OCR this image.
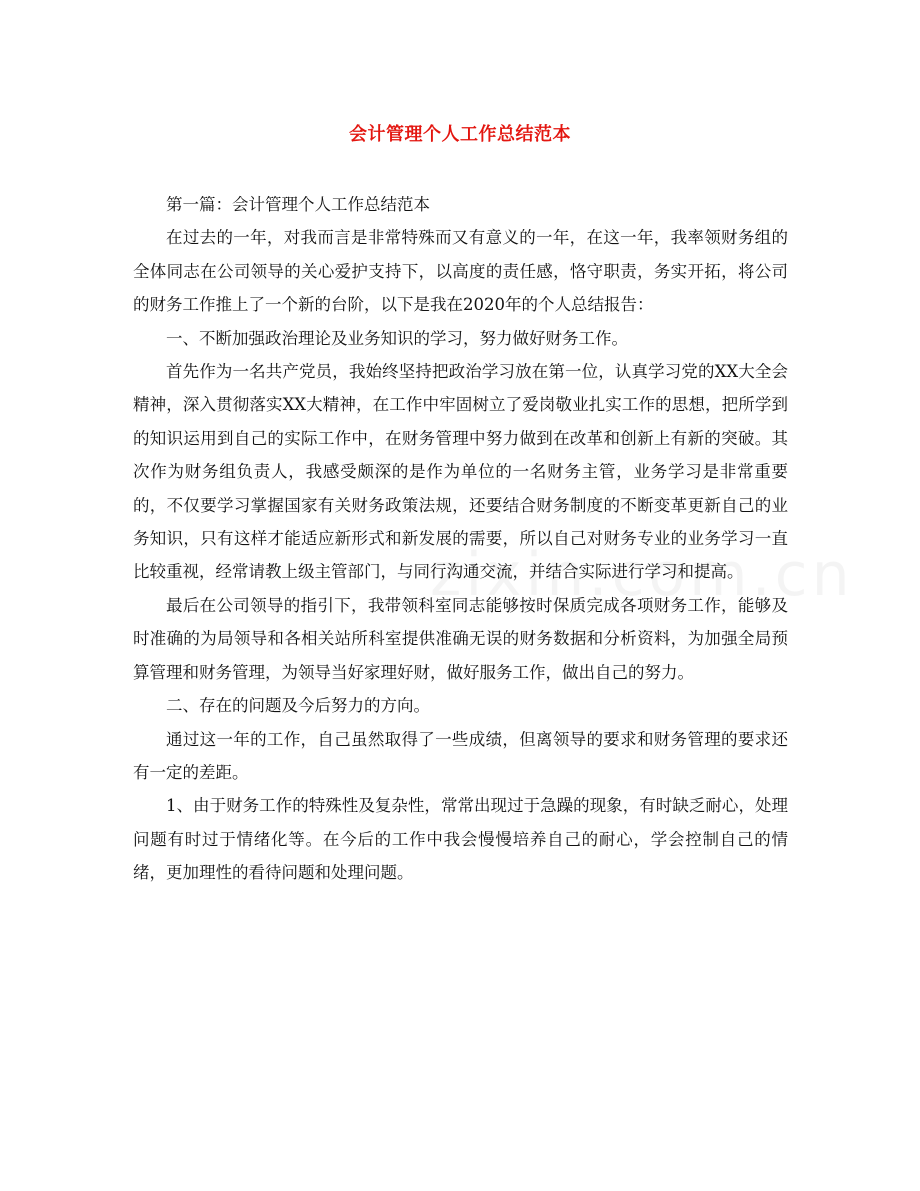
会计管理个人工作总结范本

第一篇：会计管理个人工作总结范本

在过去的一年，对我而言是非常特殊而又有意义的一年，在这一年，我率领财务组的全体同志在公司领导的关心爱护支持下，以高度的责任感，恪守职责，务实开拓，将公司的财务工作推上了一个新的台阶，以下是我在2020年的个人总结报告：

一、不断加强政治理论及业务知识的学习，努力做好财务工作。

首先作为一名共产党员，我始终坚持把政治学习放在第一位，认真学习党的XX大全会精神，深入贯彻落实XX大精神，在工作中牢固树立了爱岗敬业扎实工作的思想，把所学到的知识运用到自己的实际工作中，在财务管理中努力做到在改革和创新上有新的突破。其次作为财务组负责人，我感受颇深的是作为单位的一名财务主管，业务学习是非常重要的，不仅要学习掌握国家有关财务政策法规，还要结合财务制度的不断变革更新自己的业务知识，只有这样才能适应新形式和新发展的需要，所以自己对财务专业的业务学习一直比较重视，经常请教上级主管部门，与同行沟通交流，并结合实际进行学习和提高。

最后在公司领导的指引下，我带领科室同志能够按时保质完成各项财务工作，能够及时准确的为局领导和各相关站所科室提供准确无误的财务数据和分析资料，为加强全局预算管理和财务管理，为领导当好家理好财，做好服务工作，做出自己的努力。

二、存在的问题及今后努力的方向。

通过这一年的工作，自己虽然取得了一些成绩，但离领导的要求和财务管理的要求还有一定的差距。

1、由于财务工作的特殊性及复杂性，常常出现过于急躁的现象，有时缺乏耐心，处理问题有时过于情绪化等。在今后的工作中我会慢慢培养自己的耐心，学会控制自己的情绪，更加理性的看待问题和处理问题。
